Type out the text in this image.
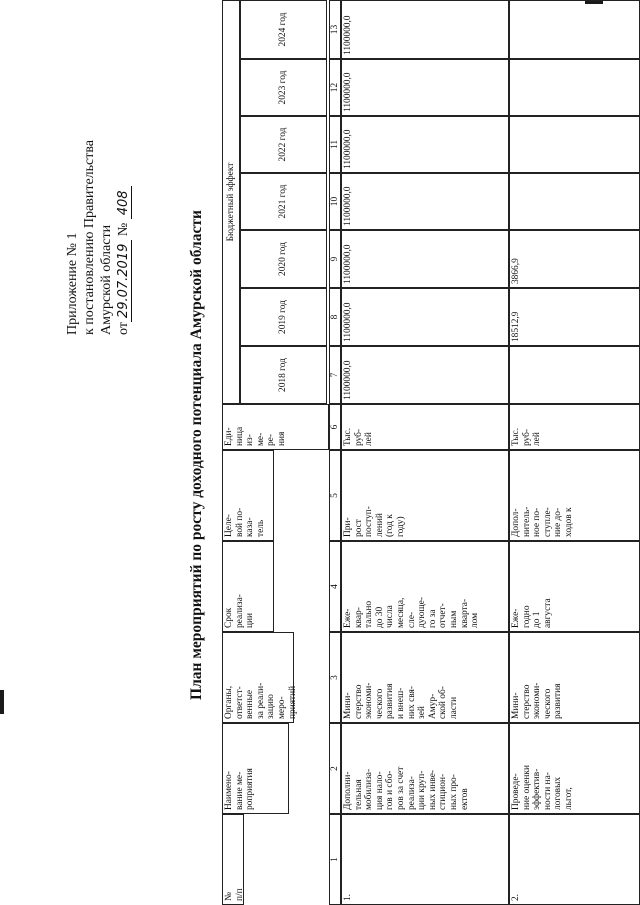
Приложение № 1 к постановлению Правительства Амурской области от29.07.2019 № 408
План мероприятий по росту доходного потенциала Амурской области
№
п/п
Наимено-
вание ме-
роприятия
Органы,
ответст-
венные
за реали-
зацию
меро-
приятий
Срок
реализа-
ции
Целе-
вой по-
каза-
тель
Еди-
ница
из-
ме-
ре-
ния
Бюджетный эффект
2018 год
2019 год
2020 год
2021 год
2022 год
2023 год
2024 год
1
2
3
4
5
6
7
8
9
10
11
12
13
1.
Дополни-
тельная
мобилиза-
ция нало-
гов и сбо-
ров за счет
реализа-
ции круп-
ных инве-
стицион-
ных про-
ектов
Мини-
стерство
экономи-
ческого
развития
и внеш-
них свя-
зей
Амур-
ской об-
ласти
Еже-
квар-
тально
до 30
числа
месяца,
сле-
дующе-
го за
отчет-
ным
кварта-
лом
При-
рост
поступ-
лений
(год к
году)
Тыс.
руб-
лей
1100000,0
1100000,0
1100000,0
1100000,0
1100000,0
1100000,0
1100000,0
2.
Проведе-
ние оценки
эффектив-
ности на-
логовых
льгот,
Мини-
стерство
экономи-
ческого
развития
Еже-
годно
до 1
августа
Допол-
нитель-
ное по-
ступле-
ние до-
ходов к
Тыс.
руб-
лей
18512,9
3866,9
